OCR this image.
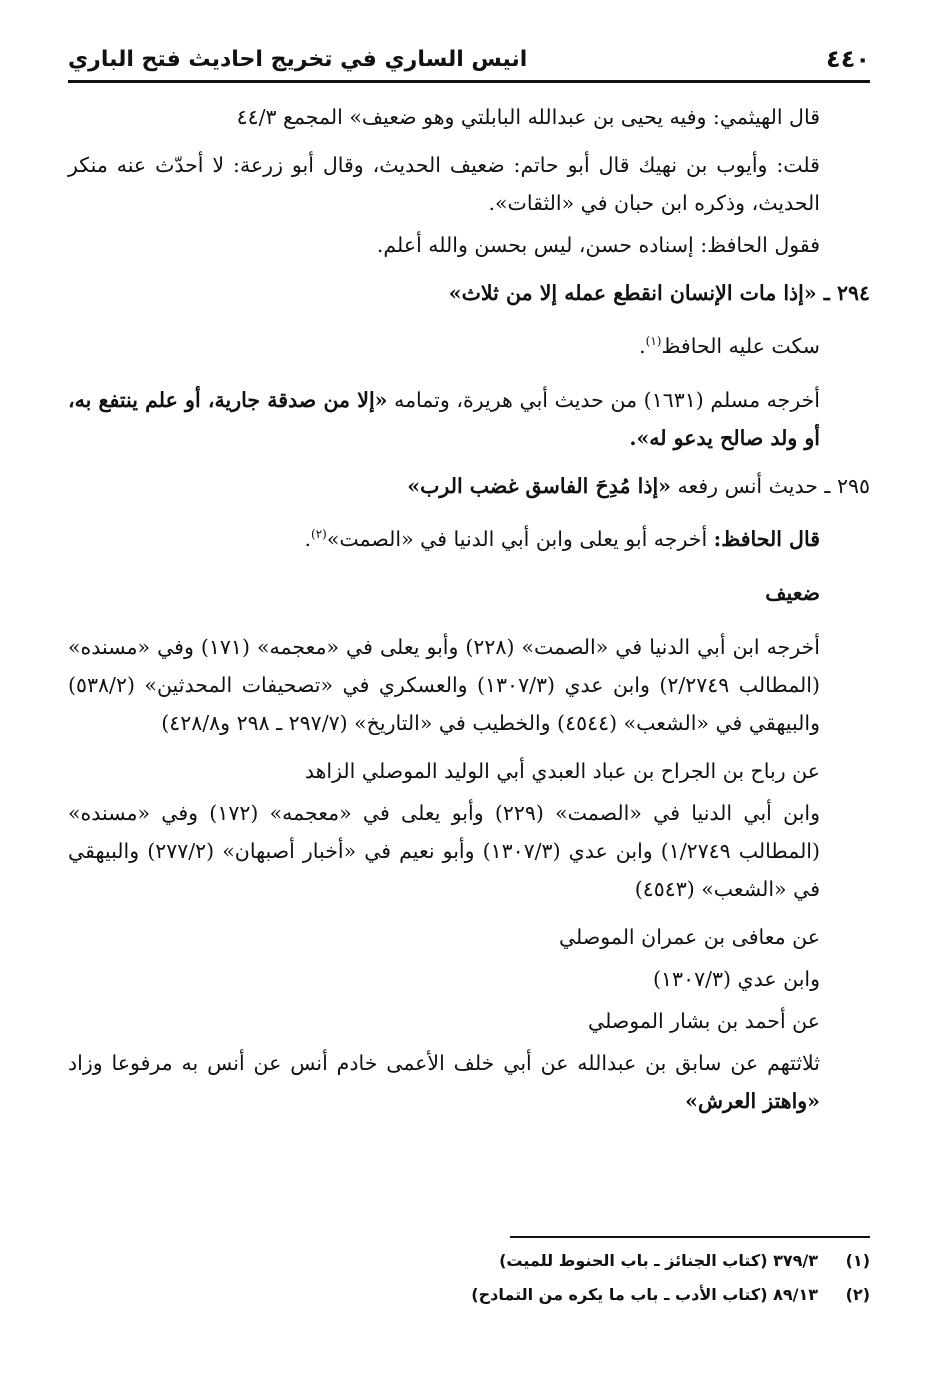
٤٤٠
انيس الساري في تخريج احاديث فتح الباري

قال الهيثمي: وفيه يحيى بن عبدالله البابلتي وهو ضعيف» المجمع ٤٤/٣

قلت: وأيوب بن نهيك قال أبو حاتم: ضعيف الحديث، وقال أبو زرعة: لا أحدّث عنه منكر الحديث، وذكره ابن حبان في «الثقات».

فقول الحافظ: إسناده حسن، ليس بحسن والله أعلم.

٢٩٤ ـ «إذا مات الإنسان انقطع عمله إلا من ثلاث»

سكت عليه الحافظ$^{(١)}$.

أخرجه مسلم (١٦٣١) من حديث أبي هريرة، وتمامه «إلا من صدقة جارية، أو علم ينتفع به، أو ولد صالح يدعو له».

٢٩٥ ـ حديث أنس رفعه «إذا مُدِحَ الفاسق غضب الرب»

قال الحافظ: أخرجه أبو يعلى وابن أبي الدنيا في «الصمت»$^{(٢)}$.

ضعيف

أخرجه ابن أبي الدنيا في «الصمت» (٢٢٨) وأبو يعلى في «معجمه» (١٧١) وفي «مسنده» (المطالب ٢/٢٧٤٩) وابن عدي (١٣٠٧/٣) والعسكري في «تصحيفات المحدثين» (٥٣٨/٢) والبيهقي في «الشعب» (٤٥٤٤) والخطيب في «التاريخ» (٢٩٧/٧ ـ ٢٩٨ و٤٢٨/٨)

عن رباح بن الجراح بن عباد العبدي أبي الوليد الموصلي الزاهد

وابن أبي الدنيا في «الصمت» (٢٢٩) وأبو يعلى في «معجمه» (١٧٢) وفي «مسنده» (المطالب ١/٢٧٤٩) وابن عدي (١٣٠٧/٣) وأبو نعيم في «أخبار أصبهان» (٢٧٧/٢) والبيهقي في «الشعب» (٤٥٤٣)

عن معافى بن عمران الموصلي

وابن عدي (١٣٠٧/٣)

عن أحمد بن بشار الموصلي

ثلاثتهم عن سابق بن عبدالله عن أبي خلف الأعمى خادم أنس عن أنس به مرفوعا وزاد «واهتز العرش»

(١)٣٧٩/٣ (كتاب الجنائز ـ باب الحنوط للميت)

(٢)٨٩/١٣ (كتاب الأدب ـ باب ما يكره من التمادح)
